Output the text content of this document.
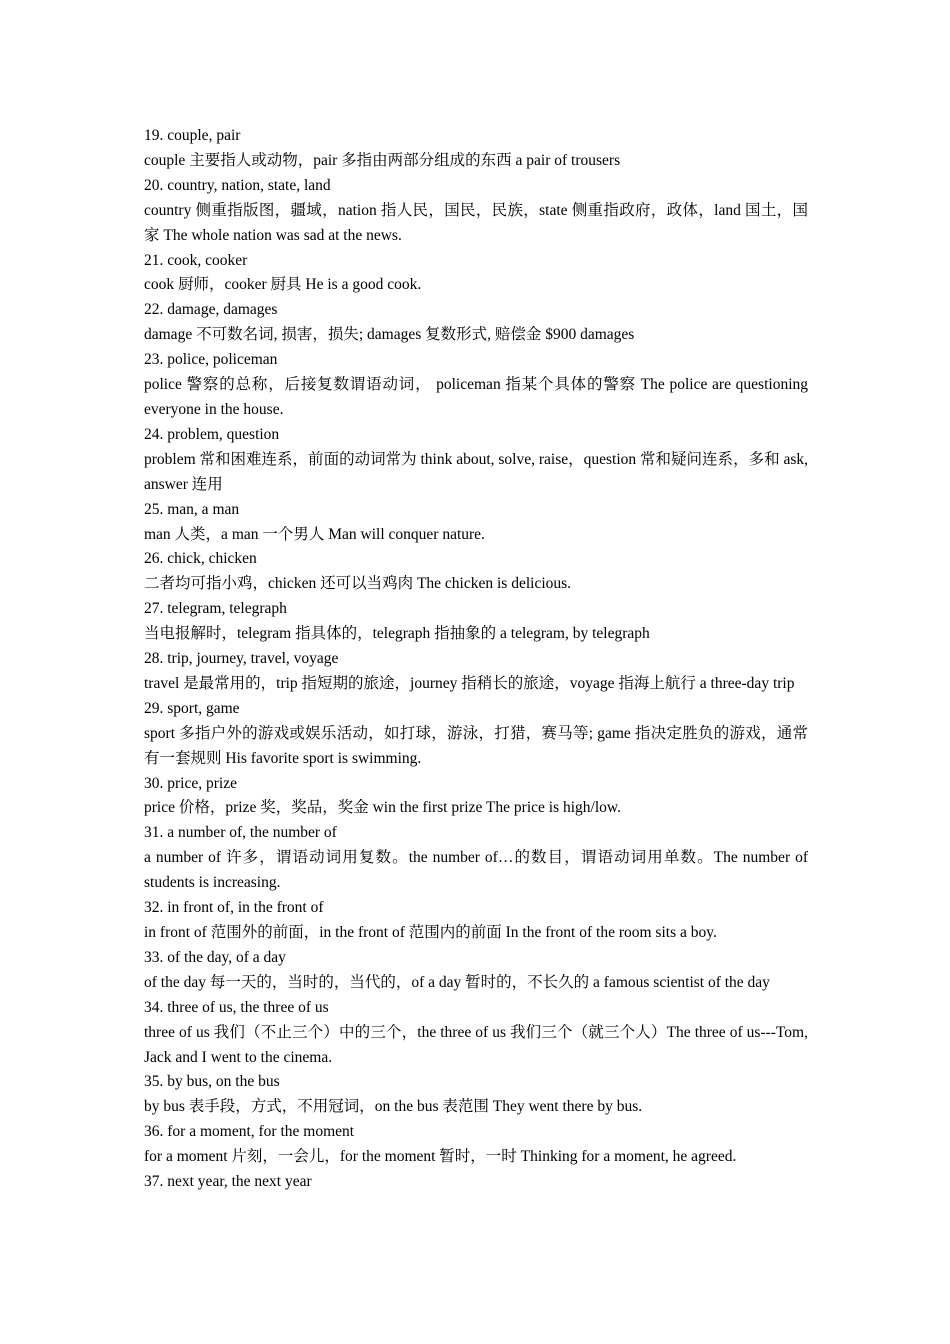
19. couple, pair
couple 主要指人或动物，pair 多指由两部分组成的东西 a pair of trousers
20. country, nation, state, land
country 侧重指版图，疆域，nation 指人民，国民，民族，state 侧重指政府，政体，land 国土，国家 The whole nation was sad at the news.
21. cook, cooker
cook 厨师，cooker 厨具 He is a good cook.
22. damage, damages
damage 不可数名词, 损害，损失; damages 复数形式, 赔偿金 $900 damages
23. police, policeman
police 警察的总称，后接复数谓语动词， policeman 指某个具体的警察 The police are questioning everyone in the house.
24. problem, question
problem 常和困难连系，前面的动词常为 think about, solve, raise，question 常和疑问连系，多和 ask, answer 连用
25. man, a man
man 人类，a man 一个男人 Man will conquer nature.
26. chick, chicken
二者均可指小鸡，chicken 还可以当鸡肉 The chicken is delicious.
27. telegram, telegraph
当电报解时，telegram 指具体的，telegraph 指抽象的 a telegram, by telegraph
28. trip, journey, travel, voyage
travel 是最常用的，trip 指短期的旅途，journey 指稍长的旅途，voyage 指海上航行 a three-day trip
29. sport, game
sport 多指户外的游戏或娱乐活动，如打球，游泳，打猎，赛马等; game 指决定胜负的游戏，通常有一套规则 His favorite sport is swimming.
30. price, prize
price 价格，prize 奖，奖品，奖金 win the first prize The price is high/low.
31. a number of, the number of
a number of 许多，谓语动词用复数。the number of…的数目，谓语动词用单数。The number of students is increasing.
32. in front of, in the front of
in front of 范围外的前面，in the front of 范围内的前面 In the front of the room sits a boy.
33. of the day, of a day
of the day 每一天的，当时的，当代的，of a day 暂时的，不长久的 a famous scientist of the day
34. three of us, the three of us
three of us 我们（不止三个）中的三个，the three of us 我们三个（就三个人）The three of us---Tom, Jack and I went to the cinema.
35. by bus, on the bus
by bus 表手段，方式，不用冠词，on the bus 表范围 They went there by bus.
36. for a moment, for the moment
for a moment 片刻，一会儿，for the moment 暂时，一时 Thinking for a moment, he agreed.
37. next year, the next year
